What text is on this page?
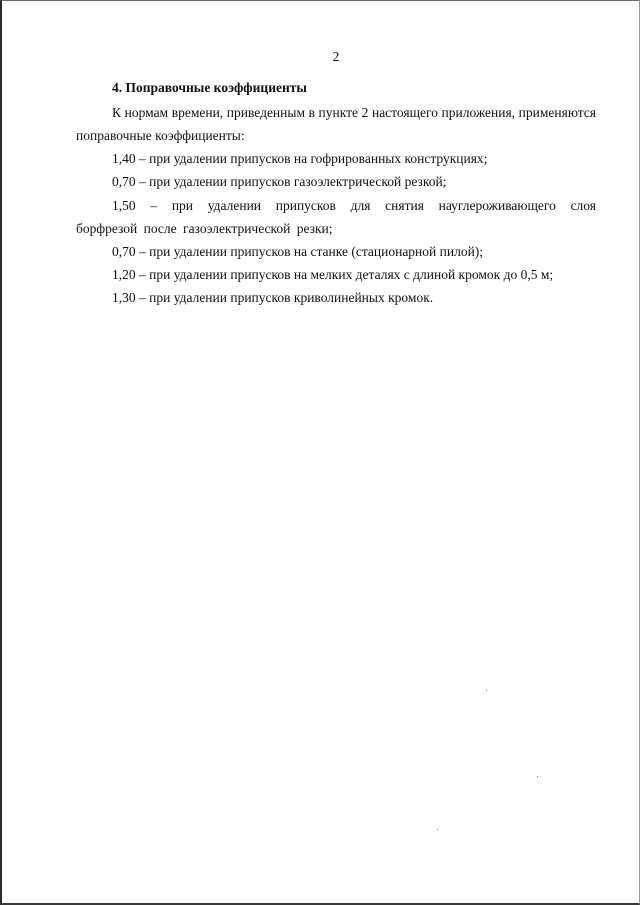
2
4. Поправочные коэффициенты

К нормам времени, приведенным в пункте 2 настоящего приложения, применяются поправочные коэффициенты:

1,40 – при удалении припусков на гофрированных конструкциях;

0,70 – при удалении припусков газоэлектрической резкой;

1,50 – при удалении припусков для снятия науглероживающего слоя борфрезой после газоэлектрической резки;

0,70 – при удалении припусков на станке (стационарной пилой);

1,20 – при удалении припусков на мелких деталях с длиной кромок до 0,5 м;

1,30 – при удалении припусков криволинейных кромок.
